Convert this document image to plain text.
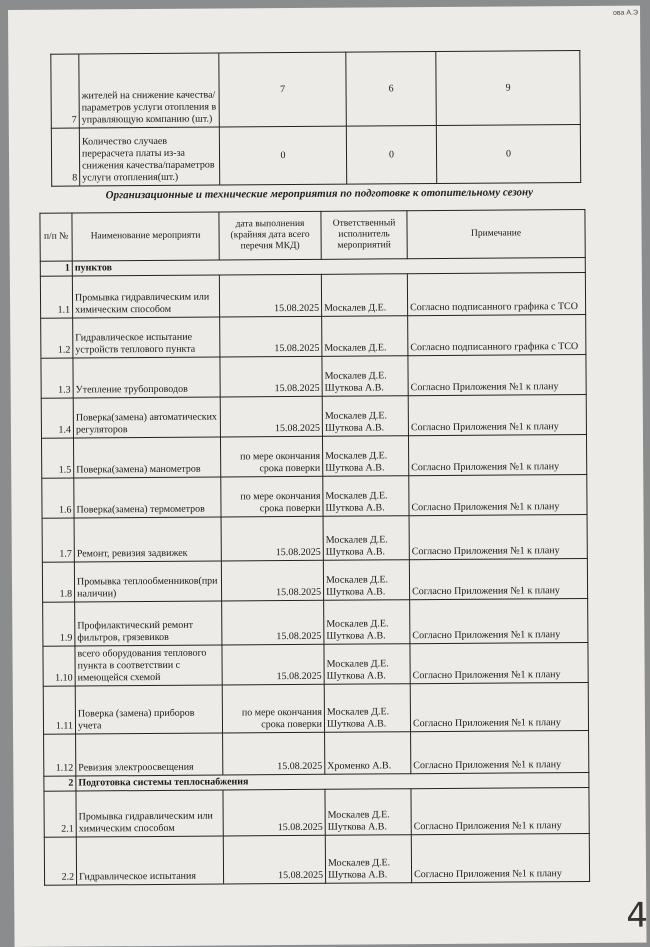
ова А.Э
7	жителей на снижение качества/параметров услуги отопления в управляющую компанию (шт.)	7	6	9
8	Количество случаев перерасчета платы из-за снижения качества/параметров услуги отопления(шт.)	0	0	0
Организационные и технические мероприятия по подготовке к отопительному сезону
п/п №	Наименование мероприяти	дата выполнения (крайняя дата всего перечня МКД)	Ответственный исполнитель мероприятий	Примечание
1	пунктов			
1.1	Промывка гидравлическим или химическим способом	15.08.2025	Москалев Д.Е.	Согласно подписанного графика с ТСО
1.2	Гидравлическое испытание устройств теплового пункта	15.08.2025	Москалев Д.Е.	Согласно подписанного графика с ТСО
1.3	Утепление трубопроводов	15.08.2025	Москалев Д.Е. Шуткова А.В.	Согласно Приложения №1 к плану
1.4	Поверка(замена) автоматических регуляторов	15.08.2025	Москалев Д.Е. Шуткова А.В.	Согласно Приложения №1 к плану
1.5	Поверка(замена) манометров	по мере окончания срока поверки	Москалев Д.Е. Шуткова А.В.	Согласно Приложения №1 к плану
1.6	Поверка(замена) термометров	по мере окончания срока поверки	Москалев Д.Е. Шуткова А.В.	Согласно Приложения №1 к плану
1.7	Ремонт, ревизия задвижек	15.08.2025	Москалев Д.Е. Шуткова А.В.	Согласно Приложения №1 к плану
1.8	Промывка теплообменников(при наличии)	15.08.2025	Москалев Д.Е. Шуткова А.В.	Согласно Приложения №1 к плану
1.9	Профилактический ремонт фильтров, грязевиков	15.08.2025	Москалев Д.Е. Шуткова А.В.	Согласно Приложения №1 к плану
1.10	всего оборудования теплового пункта в соответствии с имеющейся схемой	15.08.2025	Москалев Д.Е. Шуткова А.В.	Согласно Приложения №1 к плану
1.11	Поверка (замена) приборов учета	по мере окончания срока поверки	Москалев Д.Е. Шуткова А.В.	Согласно Приложения №1 к плану
1.12	Ревизия электроосвещения	15.08.2025	Хроменко А.В.	Согласно Приложения №1 к плану
2	Подготовка системы теплоснабжения			
2.1	Промывка гидравлическим или химическим способом	15.08.2025	Москалев Д.Е. Шуткова А.В.	Согласно Приложения №1 к плану
2.2	Гидравлическое испытания	15.08.2025	Москалев Д.Е. Шуткова А.В.	Согласно Приложения №1 к плану
4
